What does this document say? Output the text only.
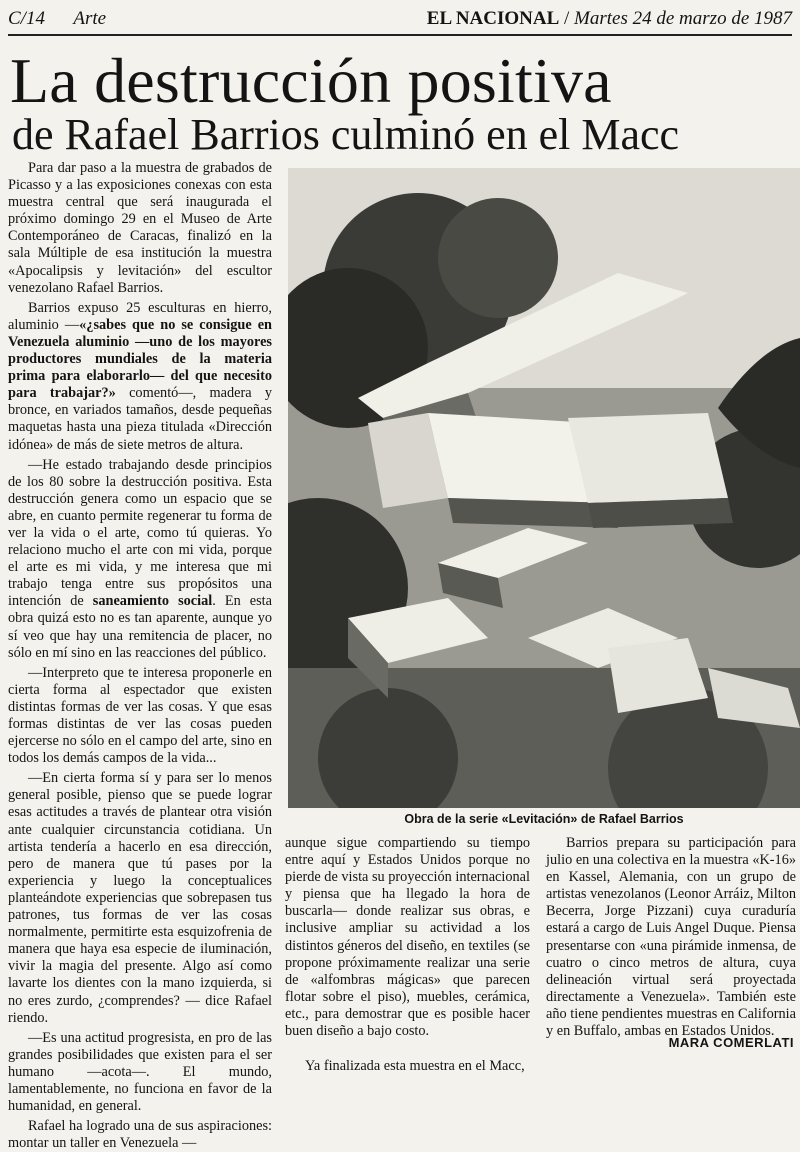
C/14 Arte	EL NACIONAL / Martes 24 de marzo de 1987
La destrucción positiva
de Rafael Barrios culminó en el Macc

Para dar paso a la muestra de grabados de Picasso y a las exposiciones conexas con esta muestra central que será inaugurada el próximo domingo 29 en el Museo de Arte Contemporáneo de Caracas, finalizó en la sala Múltiple de esa institución la muestra «Apocalipsis y levitación» del escultor venezolano Rafael Barrios.

Barrios expuso 25 esculturas en hierro, aluminio —«¿sabes que no se consigue en Venezuela aluminio —uno de los mayores productores mundiales de la materia prima para elaborarlo— del que necesito para trabajar?» comentó—, madera y bronce, en variados tamaños, desde pequeñas maquetas hasta una pieza titulada «Dirección idónea» de más de siete metros de altura.

—He estado trabajando desde principios de los 80 sobre la destrucción positiva. Esta destrucción genera como un espacio que se abre, en cuanto permite regenerar tu forma de ver la vida o el arte, como tú quieras. Yo relaciono mucho el arte con mi vida, porque el arte es mi vida, y me interesa que mi trabajo tenga entre sus propósitos una intención de saneamiento social. En esta obra quizá esto no es tan aparente, aunque yo sí veo que hay una remitencia de placer, no sólo en mí sino en las reacciones del público.

—Interpreto que te interesa proponerle en cierta forma al espectador que existen distintas formas de ver las cosas. Y que esas formas distintas de ver las cosas pueden ejercerse no sólo en el campo del arte, sino en todos los demás campos de la vida...

—En cierta forma sí y para ser lo menos general posible, pienso que se puede lograr esas actitudes a través de plantear otra visión ante cualquier circunstancia cotidiana. Un artista tendería a hacerlo en esa dirección, pero de manera que tú pases por la experiencia y luego la conceptualices planteándote experiencias que sobrepasen tus patrones, tus formas de ver las cosas normalmente, permitirte esta esquizofrenia de manera que haya esa especie de iluminación, vivir la magia del presente. Algo así como lavarte los dientes con la mano izquierda, si no eres zurdo, ¿comprendes? — dice Rafael riendo.

—Es una actitud progresista, en pro de las grandes posibilidades que existen para el ser humano —acota—. El mundo, lamentablemente, no funciona en favor de la humanidad, en general.

Rafael ha logrado una de sus aspiraciones: montar un taller en Venezuela —

Obra de la serie «Levitación» de Rafael Barrios

aunque sigue compartiendo su tiempo entre aquí y Estados Unidos porque no pierde de vista su proyección internacional y piensa que ha llegado la hora de buscarla— donde realizar sus obras, e inclusive ampliar su actividad a los distintos géneros del diseño, en textiles (se propone próximamente realizar una serie de «alfombras mágicas» que parecen flotar sobre el piso), muebles, cerámica, etc., para demostrar que es posible hacer buen diseño a bajo costo.

Ya finalizada esta muestra en el Macc,

Barrios prepara su participación para julio en una colectiva en la muestra «K-16» en Kassel, Alemania, con un grupo de artistas venezolanos (Leonor Arráiz, Milton Becerra, Jorge Pizzani) cuya curaduría estará a cargo de Luis Angel Duque. Piensa presentarse con «una pirámide inmensa, de cuatro o cinco metros de altura, cuya delineación virtual será proyectada directamente a Venezuela». También este año tiene pendientes muestras en California y en Buffalo, ambas en Estados Unidos.

MARA COMERLATI
